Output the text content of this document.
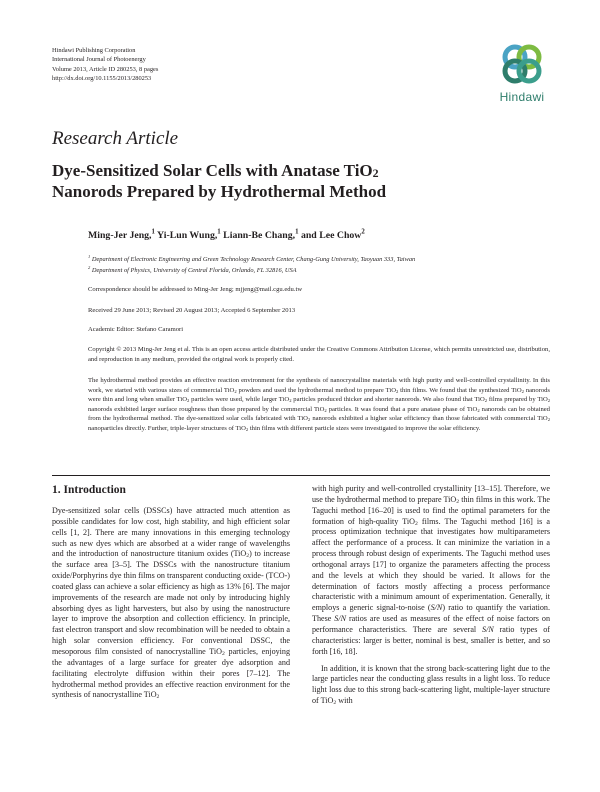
Hindawi Publishing Corporation
International Journal of Photoenergy
Volume 2013, Article ID 280253, 8 pages
http://dx.doi.org/10.1155/2013/280253
Hindawi
Research Article
Dye-Sensitized Solar Cells with Anatase TiO$_2$
Nanorods Prepared by Hydrothermal Method
Ming-Jer Jeng,$^1$ Yi-Lun Wung,$^1$ Liann-Be Chang,$^1$ and Lee Chow$^2$
$^1$ Department of Electronic Engineering and Green Technology Research Center, Chang-Gung University, Taoyuan 333, Taiwan
$^2$ Department of Physics, University of Central Florida, Orlando, FL 32816, USA
Correspondence should be addressed to Ming-Jer Jeng; mjjeng@mail.cgu.edu.tw
Received 29 June 2013; Revised 20 August 2013; Accepted 6 September 2013
Academic Editor: Stefano Caramori
Copyright © 2013 Ming-Jer Jeng et al. This is an open access article distributed under the Creative Commons Attribution License, which permits unrestricted use, distribution, and reproduction in any medium, provided the original work is properly cited.
The hydrothermal method provides an effective reaction environment for the synthesis of nanocrystalline materials with high purity and well-controlled crystallinity. In this work, we started with various sizes of commercial TiO$_2$ powders and used the hydrothermal method to prepare TiO$_2$ thin films. We found that the synthesized TiO$_2$ nanorods were thin and long when smaller TiO$_2$ particles were used, while larger TiO$_2$ particles produced thicker and shorter nanorods. We also found that TiO$_2$ films prepared by TiO$_2$ nanorods exhibited larger surface roughness than those prepared by the commercial TiO$_2$ particles. It was found that a pure anatase phase of TiO$_2$ nanorods can be obtained from the hydrothermal method. The dye-sensitized solar cells fabricated with TiO$_2$ nanorods exhibited a higher solar efficiency than those fabricated with commercial TiO$_2$ nanoparticles directly. Further, triple-layer structures of TiO$_2$ thin films with different particle sizes were investigated to improve the solar efficiency.
1. Introduction

Dye-sensitized solar cells (DSSCs) have attracted much attention as possible candidates for low cost, high stability, and high efficient solar cells [1, 2]. There are many innovations in this emerging technology such as new dyes which are absorbed at a wider range of wavelengths and the introduction of nanostructure titanium oxides (TiO$_2$) to increase the surface area [3–5]. The DSSCs with the nanostructure titanium oxide/Porphyrins dye thin films on transparent conducting oxide- (TCO-) coated glass can achieve a solar efficiency as high as 13% [6]. The major improvements of the research are made not only by introducing highly absorbing dyes as light harvesters, but also by using the nanostructure layer to improve the absorption and collection efficiency. In principle, fast electron transport and slow recombination will be needed to obtain a high solar conversion efficiency. For conventional DSSC, the mesoporous film consisted of nanocrystalline TiO$_2$ particles, enjoying the advantages of a large surface for greater dye adsorption and facilitating electrolyte diffusion within their pores [7–12]. The hydrothermal method provides an effective reaction environment for the synthesis of nanocrystalline TiO$_2$

with high purity and well-controlled crystallinity [13–15]. Therefore, we use the hydrothermal method to prepare TiO$_2$ thin films in this work. The Taguchi method [16–20] is used to find the optimal parameters for the formation of high-quality TiO$_2$ films. The Taguchi method [16] is a process optimization technique that investigates how multiparameters affect the performance of a process. It can minimize the variation in a process through robust design of experiments. The Taguchi method uses orthogonal arrays [17] to organize the parameters affecting the process and the levels at which they should be varied. It allows for the determination of factors mostly affecting a process performance characteristic with a minimum amount of experimentation. Generally, it employs a generic signal-to-noise (S/N) ratio to quantify the variation. These S/N ratios are used as measures of the effect of noise factors on performance characteristics. There are several S/N ratio types of characteristics: larger is better, nominal is best, smaller is better, and so forth [16, 18].

In addition, it is known that the strong back-scattering light due to the large particles near the conducting glass results in a light loss. To reduce light loss due to this strong back-scattering light, multiple-layer structure of TiO$_2$ with
